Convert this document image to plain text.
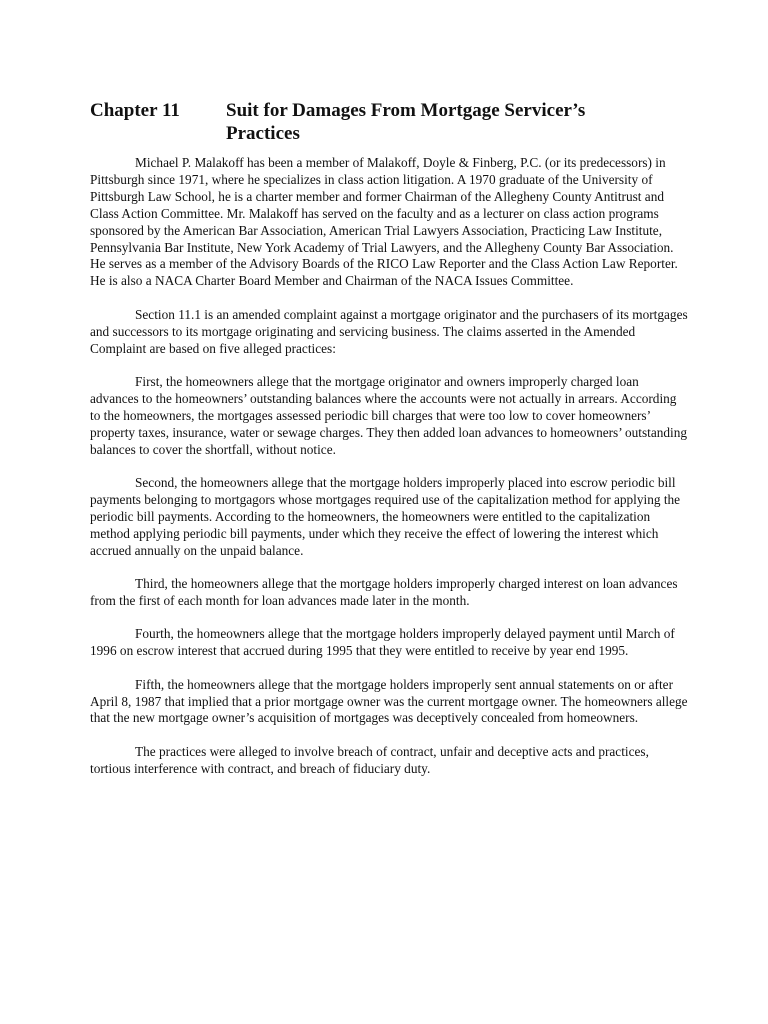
Chapter 11	Suit for Damages From Mortgage Servicer’s Practices

Michael P. Malakoff has been a member of Malakoff, Doyle & Finberg, P.C. (or its predecessors) in Pittsburgh since 1971, where he specializes in class action litigation. A 1970 graduate of the University of Pittsburgh Law School, he is a charter member and former Chairman of the Allegheny County Antitrust and Class Action Committee. Mr. Malakoff has served on the faculty and as a lecturer on class action programs sponsored by the American Bar Association, American Trial Lawyers Association, Practicing Law Institute, Pennsylvania Bar Institute, New York Academy of Trial Lawyers, and the Allegheny County Bar Association. He serves as a member of the Advisory Boards of the RICO Law Reporter and the Class Action Law Reporter. He is also a NACA Charter Board Member and Chairman of the NACA Issues Committee.

Section 11.1 is an amended complaint against a mortgage originator and the purchasers of its mortgages and successors to its mortgage originating and servicing business. The claims asserted in the Amended Complaint are based on five alleged practices:

First, the homeowners allege that the mortgage originator and owners improperly charged loan advances to the homeowners’ outstanding balances where the accounts were not actually in arrears. According to the homeowners, the mortgages assessed periodic bill charges that were too low to cover homeowners’ property taxes, insurance, water or sewage charges. They then added loan advances to homeowners’ outstanding balances to cover the shortfall, without notice.

Second, the homeowners allege that the mortgage holders improperly placed into escrow periodic bill payments belonging to mortgagors whose mortgages required use of the capitalization method for applying the periodic bill payments. According to the homeowners, the homeowners were entitled to the capitalization method applying periodic bill payments, under which they receive the effect of lowering the interest which accrued annually on the unpaid balance.

Third, the homeowners allege that the mortgage holders improperly charged interest on loan advances from the first of each month for loan advances made later in the month.

Fourth, the homeowners allege that the mortgage holders improperly delayed payment until March of 1996 on escrow interest that accrued during 1995 that they were entitled to receive by year end 1995.

Fifth, the homeowners allege that the mortgage holders improperly sent annual statements on or after April 8, 1987 that implied that a prior mortgage owner was the current mortgage owner. The homeowners allege that the new mortgage owner’s acquisition of mortgages was deceptively concealed from homeowners.

The practices were alleged to involve breach of contract, unfair and deceptive acts and practices, tortious interference with contract, and breach of fiduciary duty.
